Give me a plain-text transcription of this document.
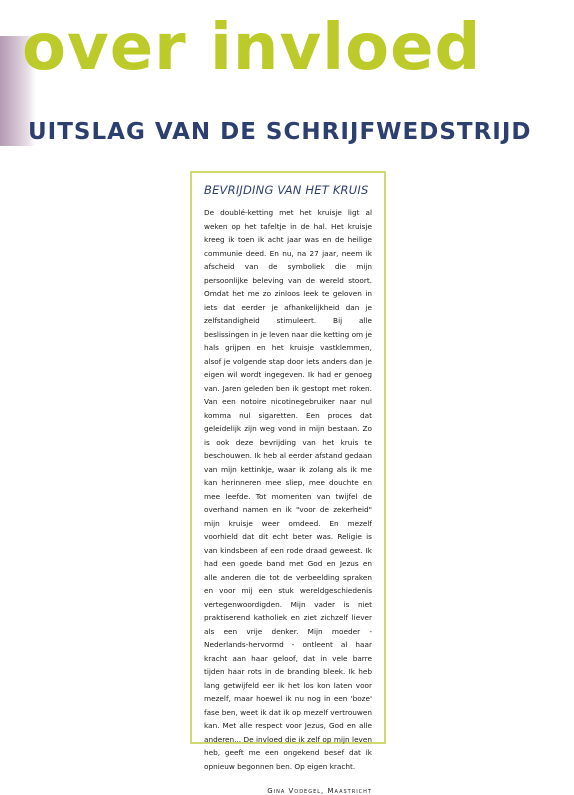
over invloed
UITSLAG VAN DE SCHRIJFWEDSTRIJD
BEVRIJDING VAN HET KRUIS

De doublé-ketting met het kruisje ligt al weken op het tafeltje in de hal. Het kruisje kreeg ik toen ik acht jaar was en de heilige communie deed. En nu, na 27 jaar, neem ik afscheid van de symboliek die mijn persoonlijke beleving van de wereld stoort. Omdat het me zo zinloos leek te geloven in iets dat eerder je afhankelijkheid dan je zelfstandigheid stimuleert. Bij alle beslissingen in je leven naar die ketting om je hals grijpen en het kruisje vastklemmen, alsof je volgende stap door iets anders dan je eigen wil wordt ingegeven. Ik had er genoeg van. Jaren geleden ben ik gestopt met roken. Van een notoire nicotinegebruiker naar nul komma nul sigaretten. Een proces dat geleidelijk zijn weg vond in mijn bestaan. Zo is ook deze bevrijding van het kruis te beschouwen. Ik heb al eerder afstand gedaan van mijn kettinkje, waar ik zolang als ik me kan herinneren mee sliep, mee douchte en mee leefde. Tot momenten van twijfel de overhand namen en ik "voor de zekerheid" mijn kruisje weer omdeed. En mezelf voorhield dat dit echt beter was. Religie is van kindsbeen af een rode draad geweest. Ik had een goede band met God en Jezus en alle anderen die tot de verbeelding spraken en voor mij een stuk wereldgeschiedenis vertegenwoordigden. Mijn vader is niet praktiserend katholiek en ziet zichzelf liever als een vrije denker. Mijn moeder - Nederlands-hervormd - ontleent al haar kracht aan haar geloof, dat in vele barre tijden haar rots in de branding bleek. Ik heb lang getwijfeld eer ik het los kon laten voor mezelf, maar hoewel ik nu nog in een 'boze' fase ben, weet ik dat ik op mezelf vertrouwen kan. Met alle respect voor Jezus, God en alle anderen... De invloed die ik zelf op mijn leven heb, geeft me een ongekend besef dat ik opnieuw begonnen ben. Op eigen kracht.

Gina Vodegel, Maastricht
